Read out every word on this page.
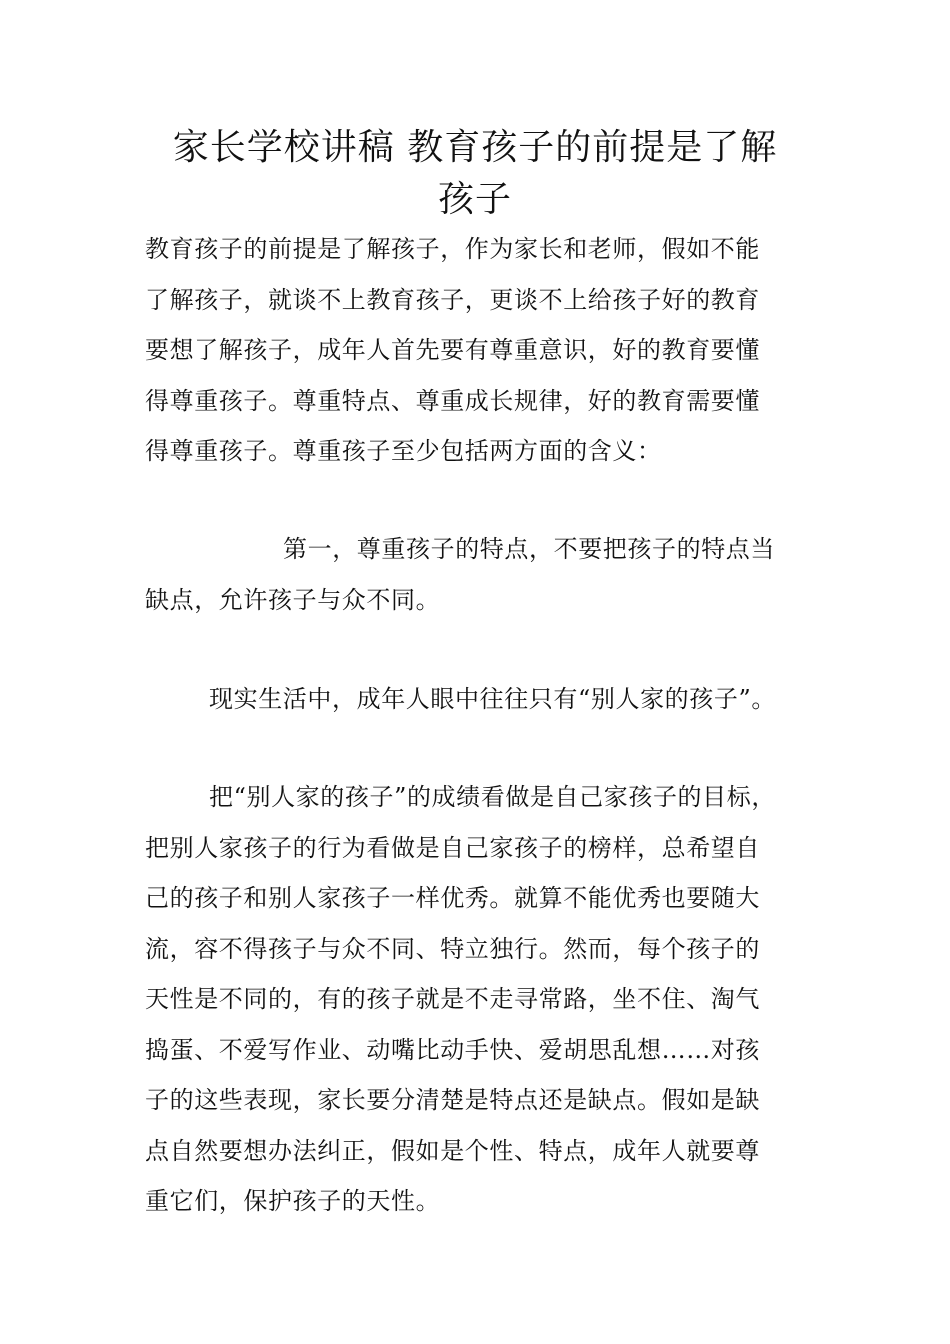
家长学校讲稿 教育孩子的前提是了解
孩子

教育孩子的前提是了解孩子，作为家长和老师，假如不能
了解孩子，就谈不上教育孩子，更谈不上给孩子好的教育
要想了解孩子，成年人首先要有尊重意识，好的教育要懂
得尊重孩子。尊重特点、尊重成长规律，好的教育需要懂
得尊重孩子。尊重孩子至少包括两方面的含义：

第一，尊重孩子的特点，不要把孩子的特点当
缺点，允许孩子与众不同。

现实生活中，成年人眼中往往只有“别人家的孩子”。

把“别人家的孩子”的成绩看做是自己家孩子的目标，
把别人家孩子的行为看做是自己家孩子的榜样，总希望自
己的孩子和别人家孩子一样优秀。就算不能优秀也要随大
流，容不得孩子与众不同、特立独行。然而，每个孩子的
天性是不同的，有的孩子就是不走寻常路，坐不住、淘气
捣蛋、不爱写作业、动嘴比动手快、爱胡思乱想……对孩
子的这些表现，家长要分清楚是特点还是缺点。假如是缺
点自然要想办法纠正，假如是个性、特点，成年人就要尊
重它们，保护孩子的天性。
